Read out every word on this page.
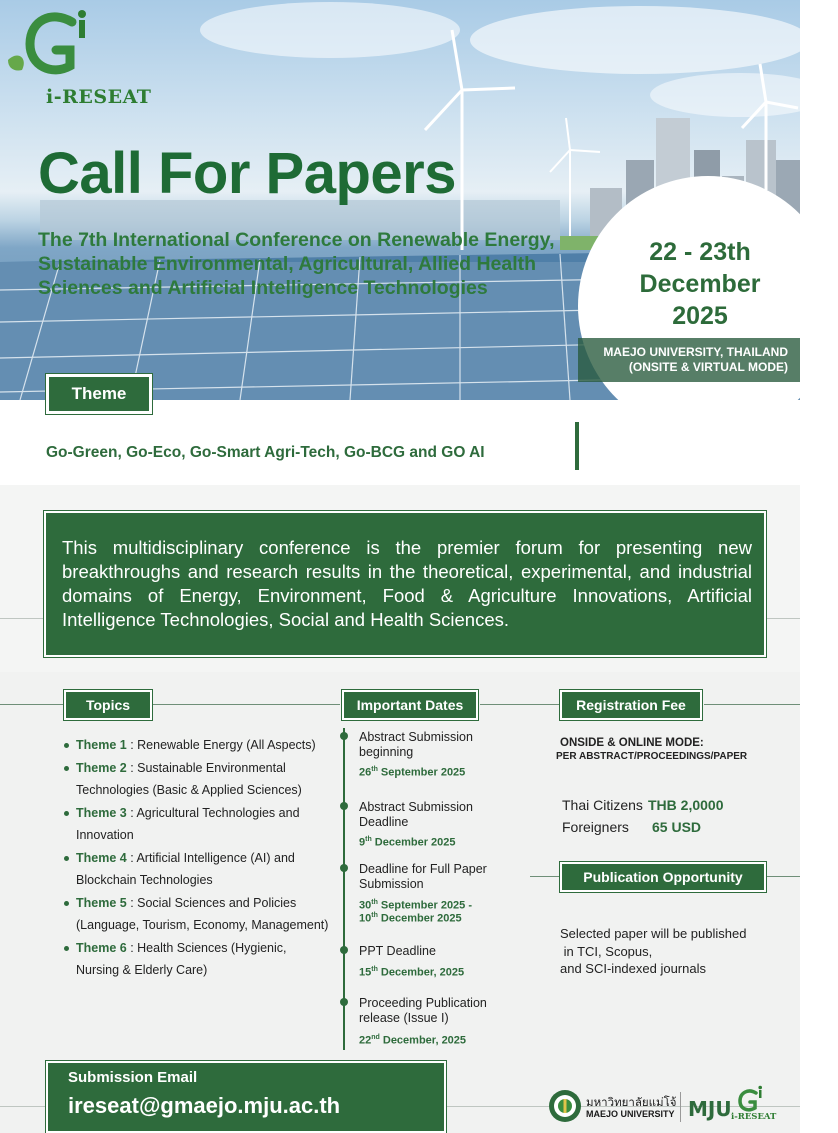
i-RESEAT
Call For Papers
The 7th International Conference on Renewable Energy, Sustainable Environmental, Agricultural, Allied Health Sciences and Artificial Intelligence Technologies
22 - 23th
December
2025
MAEJO UNIVERSITY, THAILAND
(ONSITE & VIRTUAL MODE)
Theme
Go-Green, Go-Eco, Go-Smart Agri-Tech, Go-BCG and GO AI
This multidisciplinary conference is the premier forum for presenting new breakthroughs and research results in the theoretical, experimental, and industrial domains of Energy, Environment, Food & Agriculture Innovations, Artificial Intelligence Technologies, Social and Health Sciences.
Topics	Important Dates	Registration Fee
Theme 1 : Renewable Energy (All Aspects)
Theme 2 : Sustainable Environmental Technologies (Basic & Applied Sciences)
Theme 3 : Agricultural Technologies and Innovation
Theme 4 : Artificial Intelligence (AI) and Blockchain Technologies
Theme 5 : Social Sciences and Policies (Language, Tourism, Economy, Management)
Theme 6 : Health Sciences (Hygienic, Nursing & Elderly Care)
Abstract Submission beginning
26th September 2025
Abstract Submission Deadline
9th December 2025
Deadline for Full Paper Submission
30th September 2025 -
10th December 2025
PPT Deadline
15th December, 2025
Proceeding Publication release (Issue I)
22nd December, 2025
ONSIDE & ONLINE MODE:
PER ABSTRACT/PROCEEDINGS/PAPER
Thai Citizens THB 2,0000
Foreigners 65 USD
Publication Opportunity
Selected paper will be published
in TCI, Scopus,
and SCI-indexed journals
Submission Email
ireseat@gmaejo.mju.ac.th	มหาวิทยาลัยแม่โจ้
MAEJO UNIVERSITY MJU i-RESEAT
